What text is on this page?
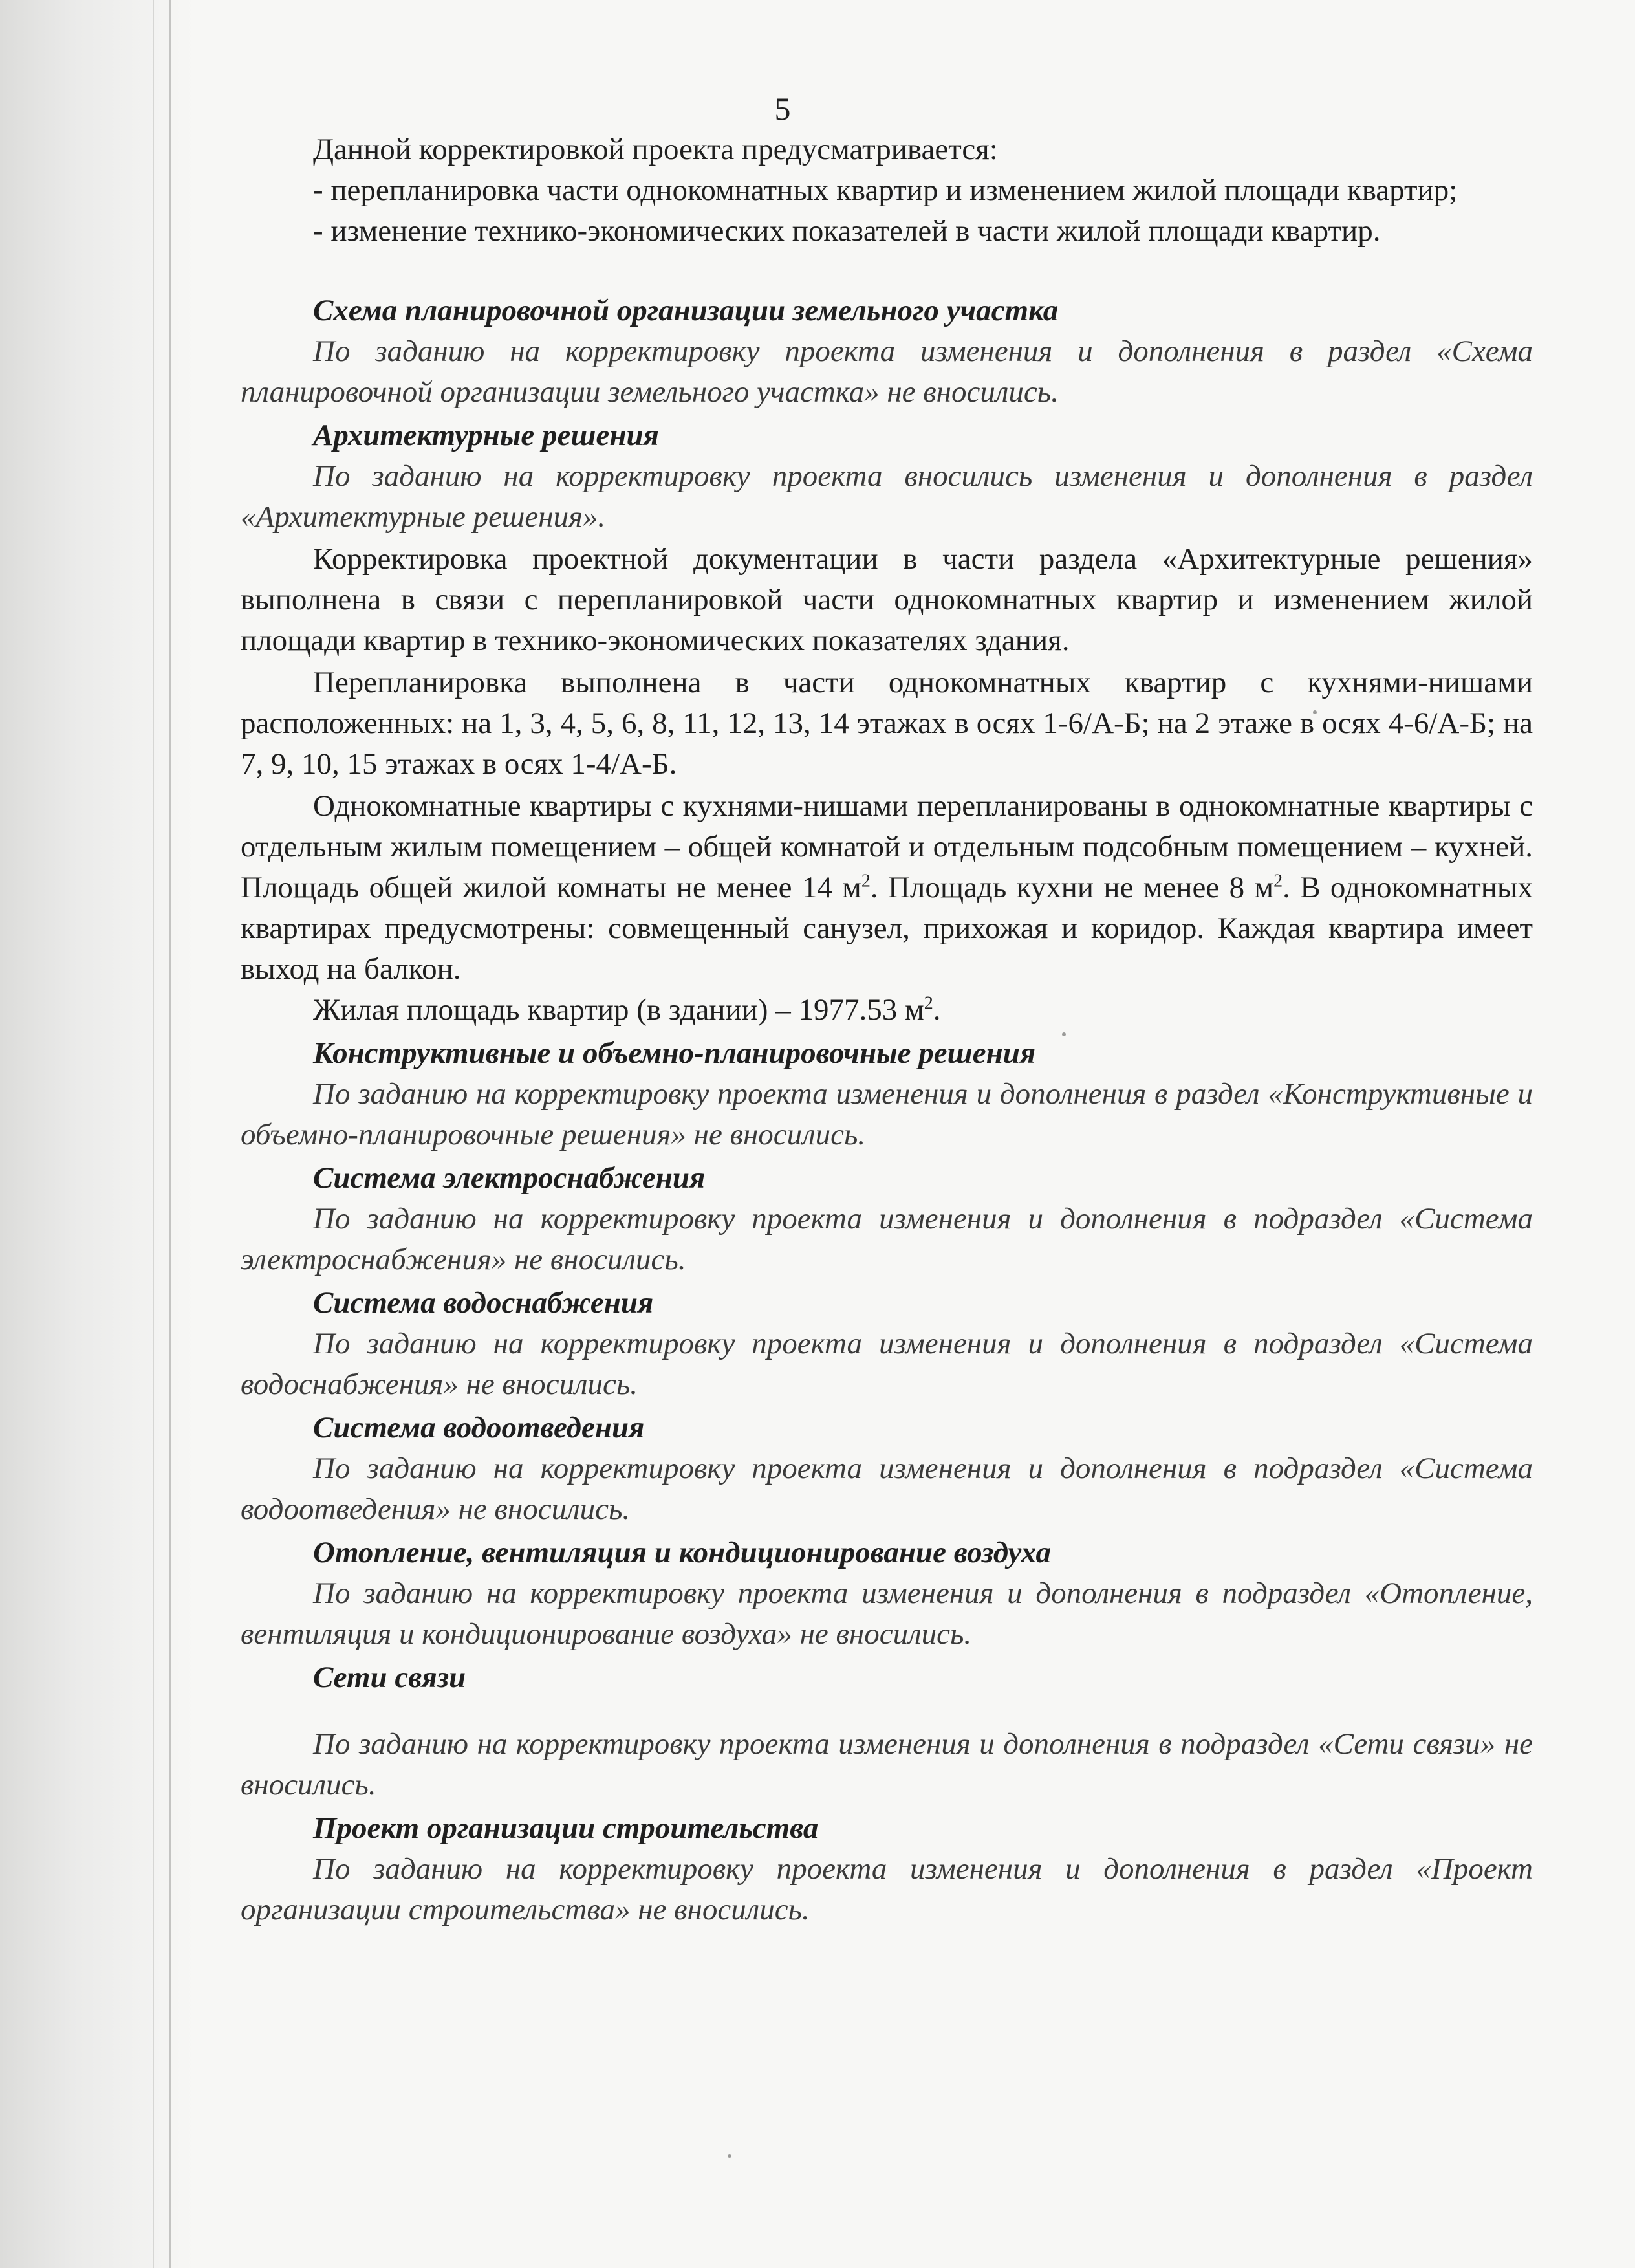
5

Данной корректировкой проекта предусматривается:

- перепланировка части однокомнатных квартир и изменением жилой площади квартир;

- изменение технико-экономических показателей в части жилой площади квартир.

Схема планировочной организации земельного участка

По заданию на корректировку проекта изменения и дополнения в раздел «Схема планировочной организации земельного участка» не вносились.

Архитектурные решения

По заданию на корректировку проекта вносились изменения и дополнения в раздел «Архитектурные решения».

Корректировка проектной документации в части раздела «Архитектурные решения» выполнена в связи с перепланировкой части однокомнатных квартир и изменением жилой площади квартир в технико-экономических показателях здания.

Перепланировка выполнена в части однокомнатных квартир с кухнями-нишами расположенных: на 1, 3, 4, 5, 6, 8, 11, 12, 13, 14 этажах в осях 1-6/А-Б; на 2 этаже в осях 4-6/А-Б; на 7, 9, 10, 15 этажах в осях 1-4/А-Б.

Однокомнатные квартиры с кухнями-нишами перепланированы в однокомнатные квартиры с отдельным жилым помещением – общей комнатой и отдельным подсобным помещением – кухней. Площадь общей жилой комнаты не менее 14 $м^2$. Площадь кухни не менее 8 $м^2$. В однокомнатных квартирах предусмотрены: совмещенный санузел, прихожая и коридор. Каждая квартира имеет выход на балкон.

Жилая площадь квартир (в здании) – 1977.53 $м^2$.

Конструктивные и объемно-планировочные решения

По заданию на корректировку проекта изменения и дополнения в раздел «Конструктивные и объемно-планировочные решения» не вносились.

Система электроснабжения

По заданию на корректировку проекта изменения и дополнения в подраздел «Система электроснабжения» не вносились.

Система водоснабжения

По заданию на корректировку проекта изменения и дополнения в подраздел «Система водоснабжения» не вносились.

Система водоотведения

По заданию на корректировку проекта изменения и дополнения в подраздел «Система водоотведения» не вносились.

Отопление, вентиляция и кондиционирование воздуха

По заданию на корректировку проекта изменения и дополнения в подраздел «Отопление, вентиляция и кондиционирование воздуха» не вносились.

Сети связи

По заданию на корректировку проекта изменения и дополнения в подраздел «Сети связи» не вносились.

Проект организации строительства

По заданию на корректировку проекта изменения и дополнения в раздел «Проект организации строительства» не вносились.
